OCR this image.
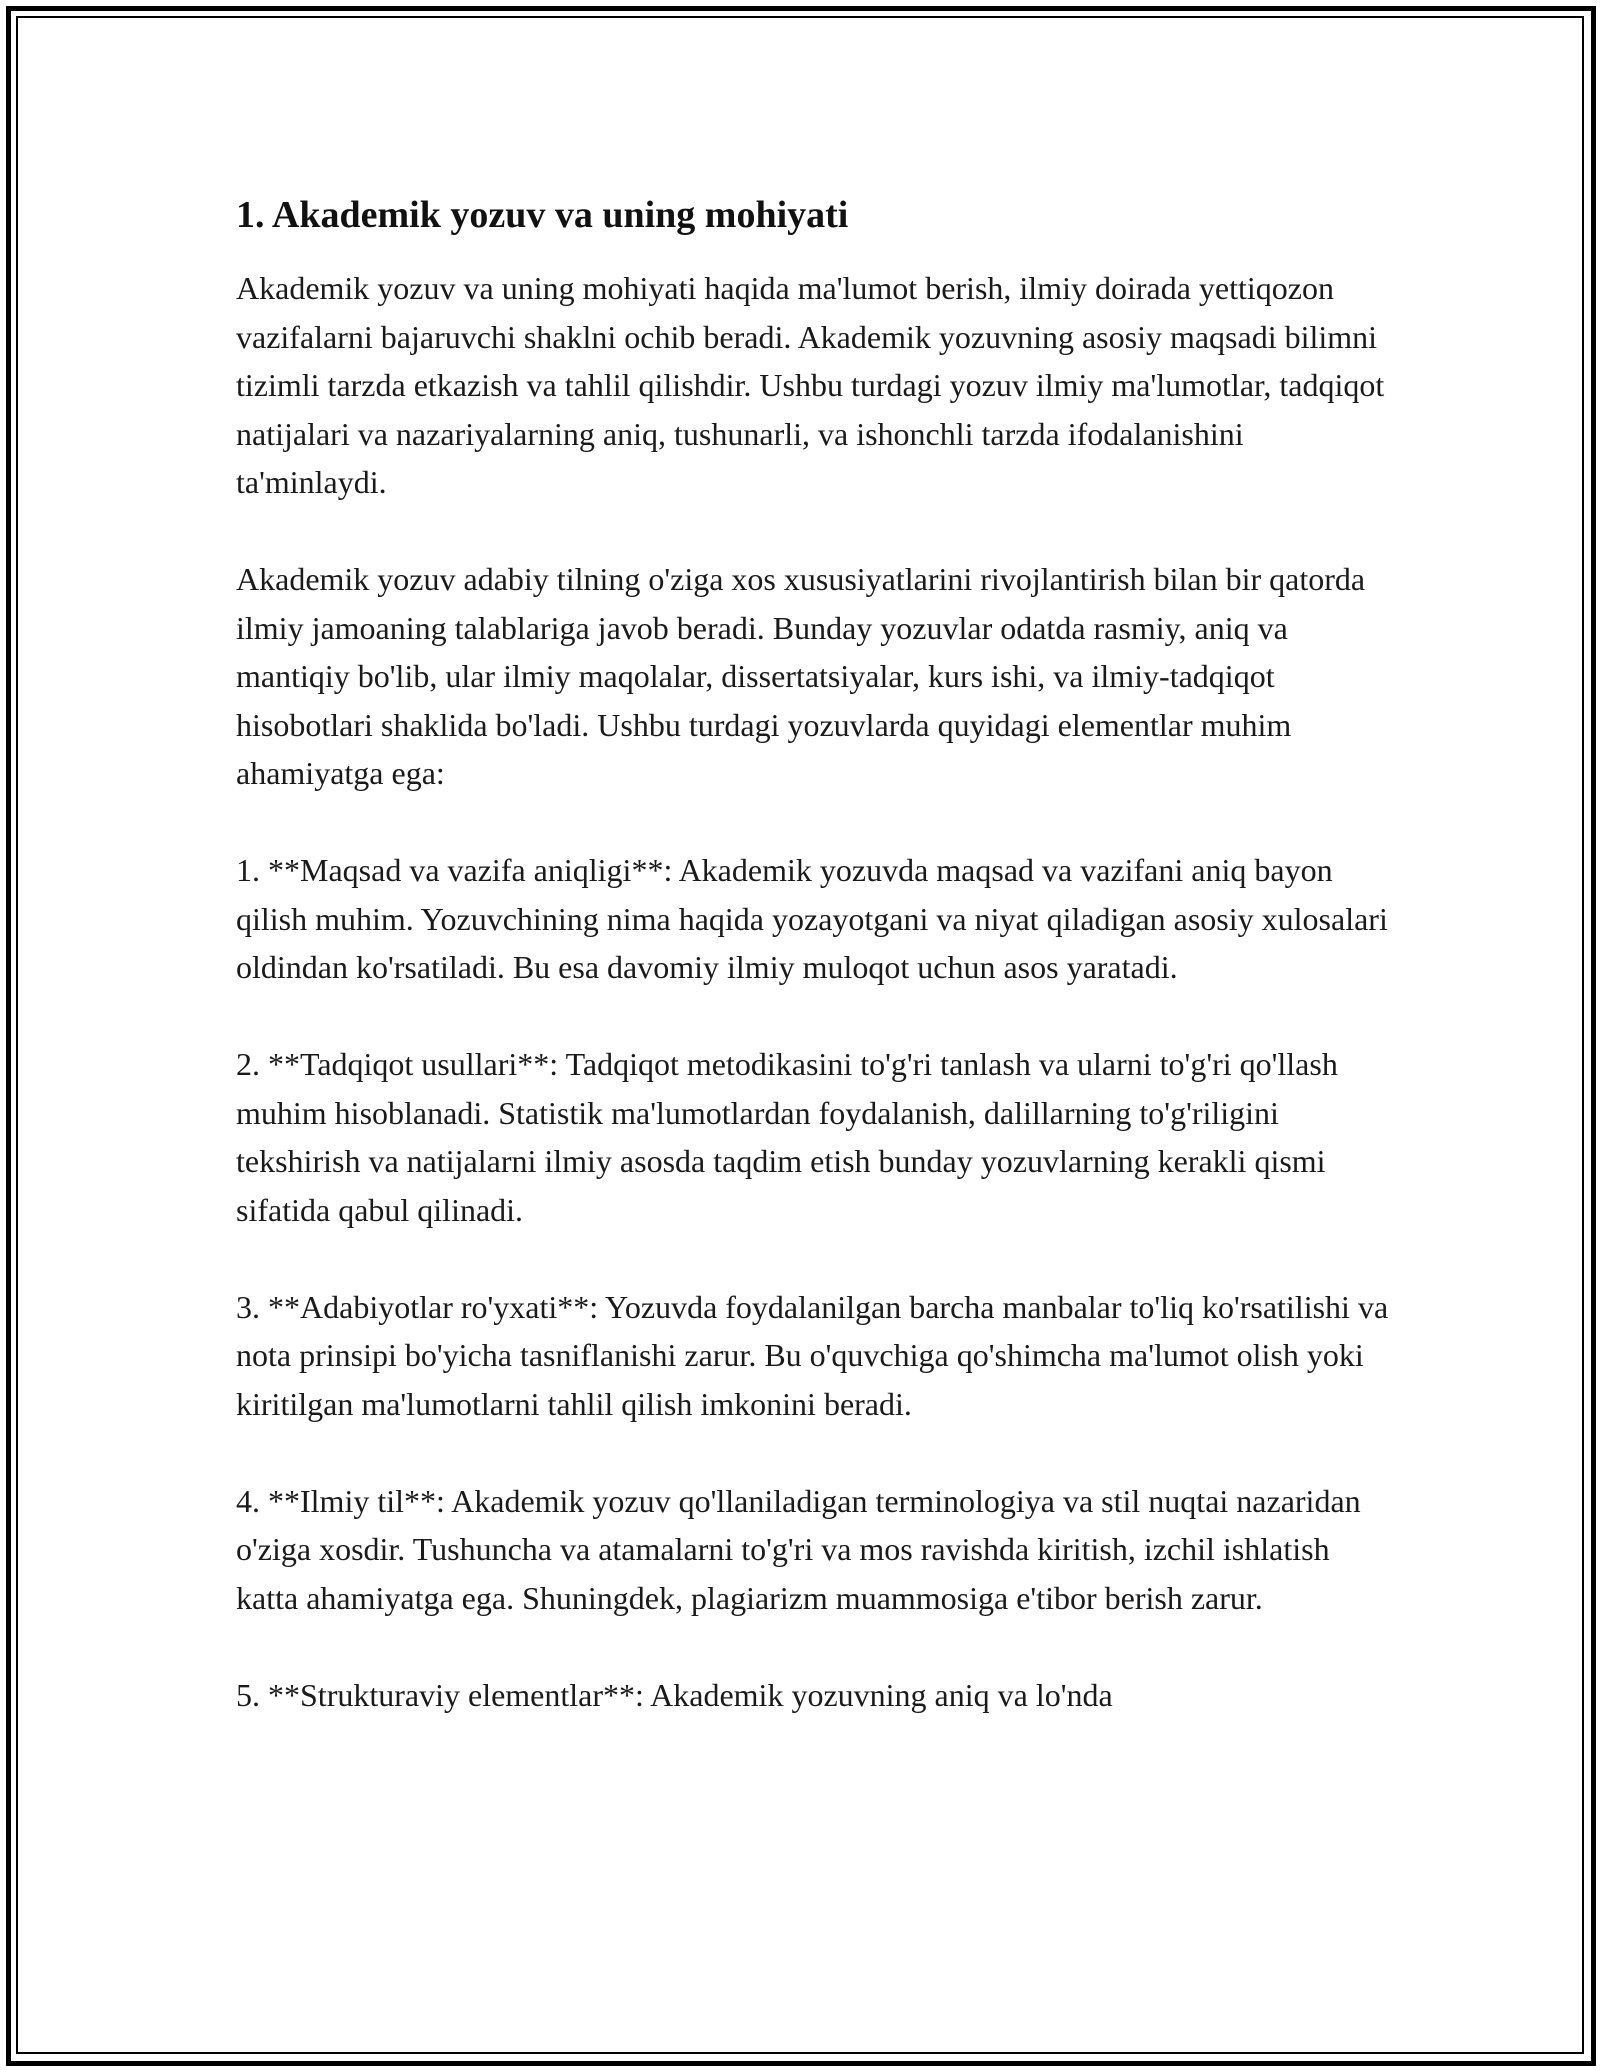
1. Akademik yozuv va uning mohiyati

Akademik yozuv va uning mohiyati haqida ma'lumot berish, ilmiy doirada yettiqozon vazifalarni bajaruvchi shaklni ochib beradi. Akademik yozuvning asosiy maqsadi bilimni tizimli tarzda etkazish va tahlil qilishdir. Ushbu turdagi yozuv ilmiy ma'lumotlar, tadqiqot natijalari va nazariyalarning aniq, tushunarli, va ishonchli tarzda ifodalanishini ta'minlaydi.

Akademik yozuv adabiy tilning o'ziga xos xususiyatlarini rivojlantirish bilan bir qatorda ilmiy jamoaning talablariga javob beradi. Bunday yozuvlar odatda rasmiy, aniq va mantiqiy bo'lib, ular ilmiy maqolalar, dissertatsiyalar, kurs ishi, va ilmiy-tadqiqot hisobotlari shaklida bo'ladi. Ushbu turdagi yozuvlarda quyidagi elementlar muhim ahamiyatga ega:

1. **Maqsad va vazifa aniqligi**: Akademik yozuvda maqsad va vazifani aniq bayon qilish muhim. Yozuvchining nima haqida yozayotgani va niyat qiladigan asosiy xulosalari oldindan ko'rsatiladi. Bu esa davomiy ilmiy muloqot uchun asos yaratadi.

2. **Tadqiqot usullari**: Tadqiqot metodikasini to'g'ri tanlash va ularni to'g'ri qo'llash muhim hisoblanadi. Statistik ma'lumotlardan foydalanish, dalillarning to'g'riligini tekshirish va natijalarni ilmiy asosda taqdim etish bunday yozuvlarning kerakli qismi sifatida qabul qilinadi.

3. **Adabiyotlar ro'yxati**: Yozuvda foydalanilgan barcha manbalar to'liq ko'rsatilishi va nota prinsipi bo'yicha tasniflanishi zarur. Bu o'quvchiga qo'shimcha ma'lumot olish yoki kiritilgan ma'lumotlarni tahlil qilish imkonini beradi.

4. **Ilmiy til**: Akademik yozuv qo'llaniladigan terminologiya va stil nuqtai nazaridan o'ziga xosdir. Tushuncha va atamalarni to'g'ri va mos ravishda kiritish, izchil ishlatish katta ahamiyatga ega. Shuningdek, plagiarizm muammosiga e'tibor berish zarur.

5. **Strukturaviy elementlar**: Akademik yozuvning aniq va lo'nda
